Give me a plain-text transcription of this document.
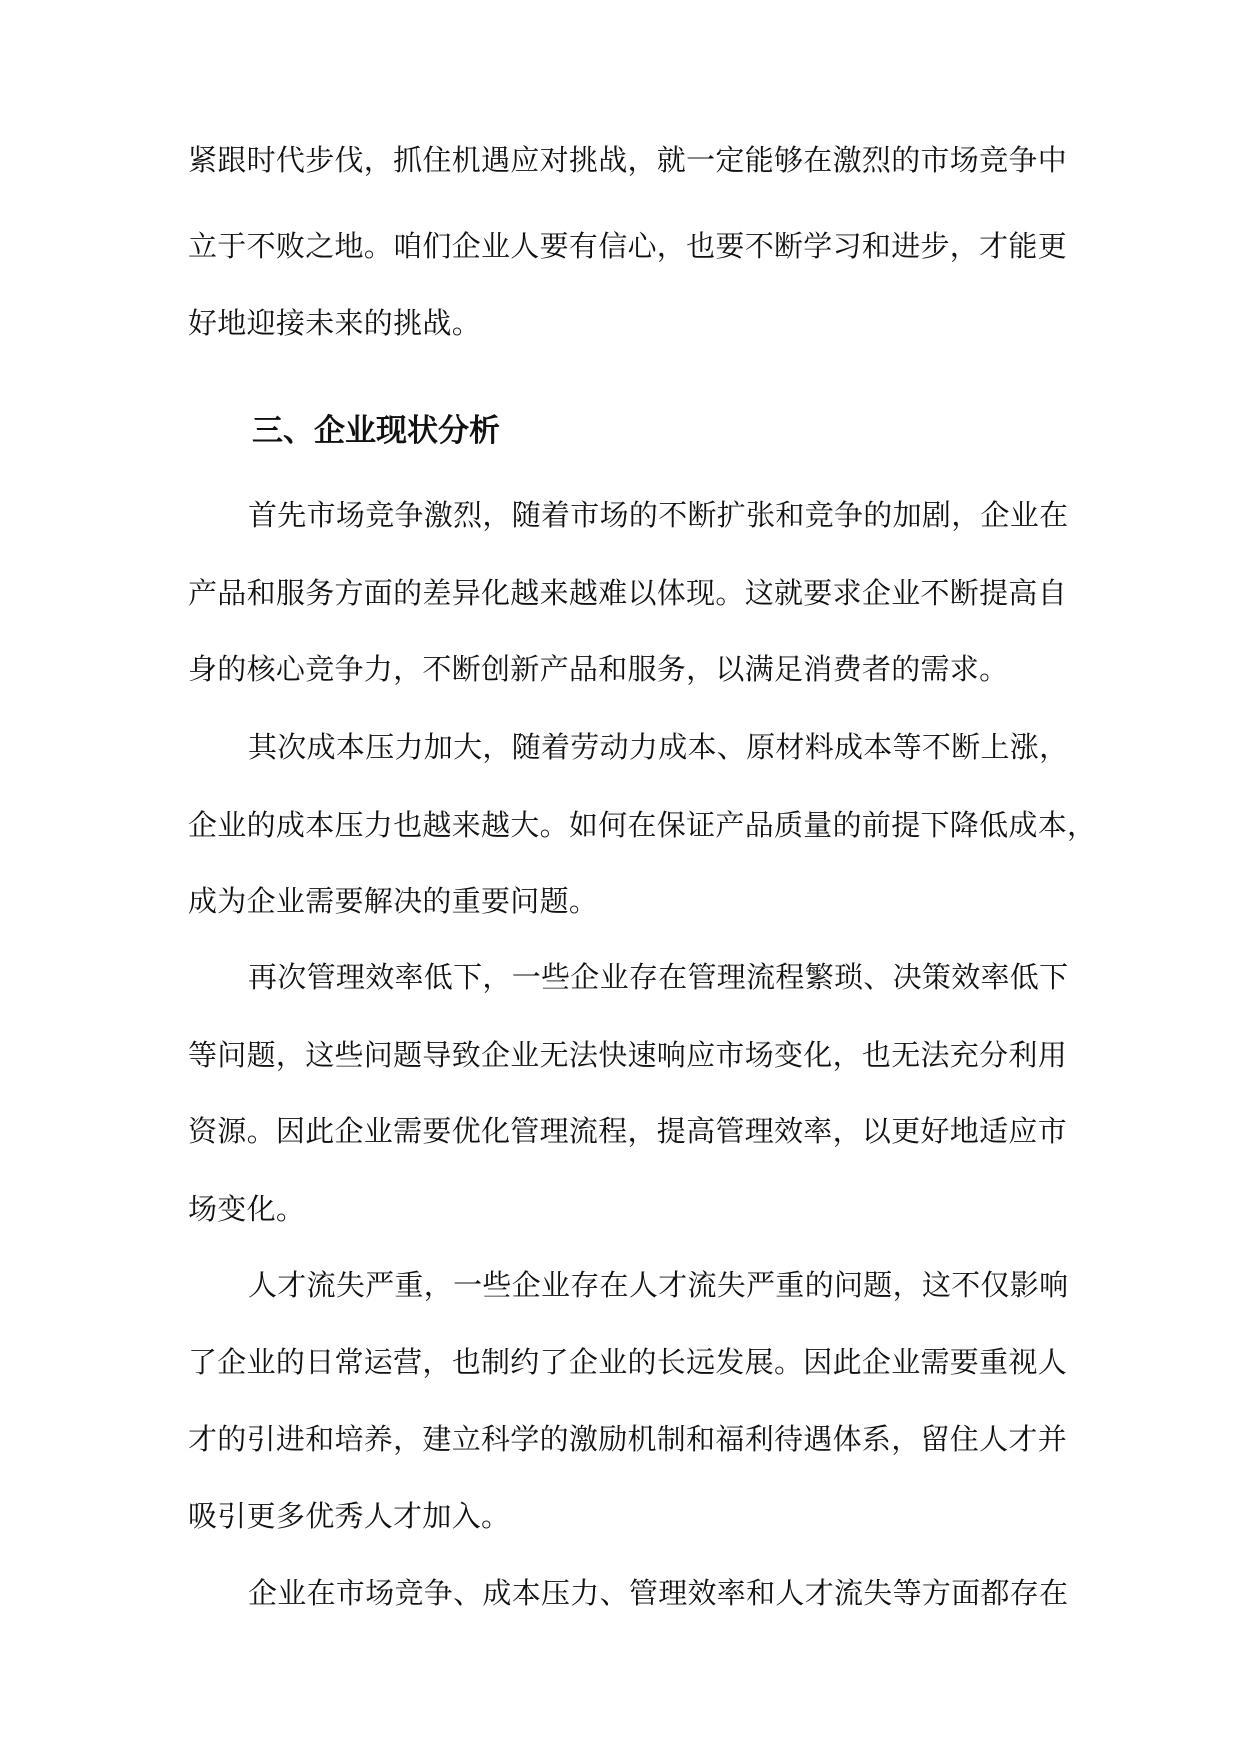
紧跟时代步伐，抓住机遇应对挑战，就一定能够在激烈的市场竞争中
立于不败之地。咱们企业人要有信心，也要不断学习和进步，才能更
好地迎接未来的挑战。
三、企业现状分析
首先市场竞争激烈，随着市场的不断扩张和竞争的加剧，企业在
产品和服务方面的差异化越来越难以体现。这就要求企业不断提高自
身的核心竞争力，不断创新产品和服务，以满足消费者的需求。
其次成本压力加大，随着劳动力成本、原材料成本等不断上涨，
企业的成本压力也越来越大。如何在保证产品质量的前提下降低成本，
成为企业需要解决的重要问题。
再次管理效率低下，一些企业存在管理流程繁琐、决策效率低下
等问题，这些问题导致企业无法快速响应市场变化，也无法充分利用
资源。因此企业需要优化管理流程，提高管理效率，以更好地适应市
场变化。
人才流失严重，一些企业存在人才流失严重的问题，这不仅影响
了企业的日常运营，也制约了企业的长远发展。因此企业需要重视人
才的引进和培养，建立科学的激励机制和福利待遇体系，留住人才并
吸引更多优秀人才加入。
企业在市场竞争、成本压力、管理效率和人才流失等方面都存在
